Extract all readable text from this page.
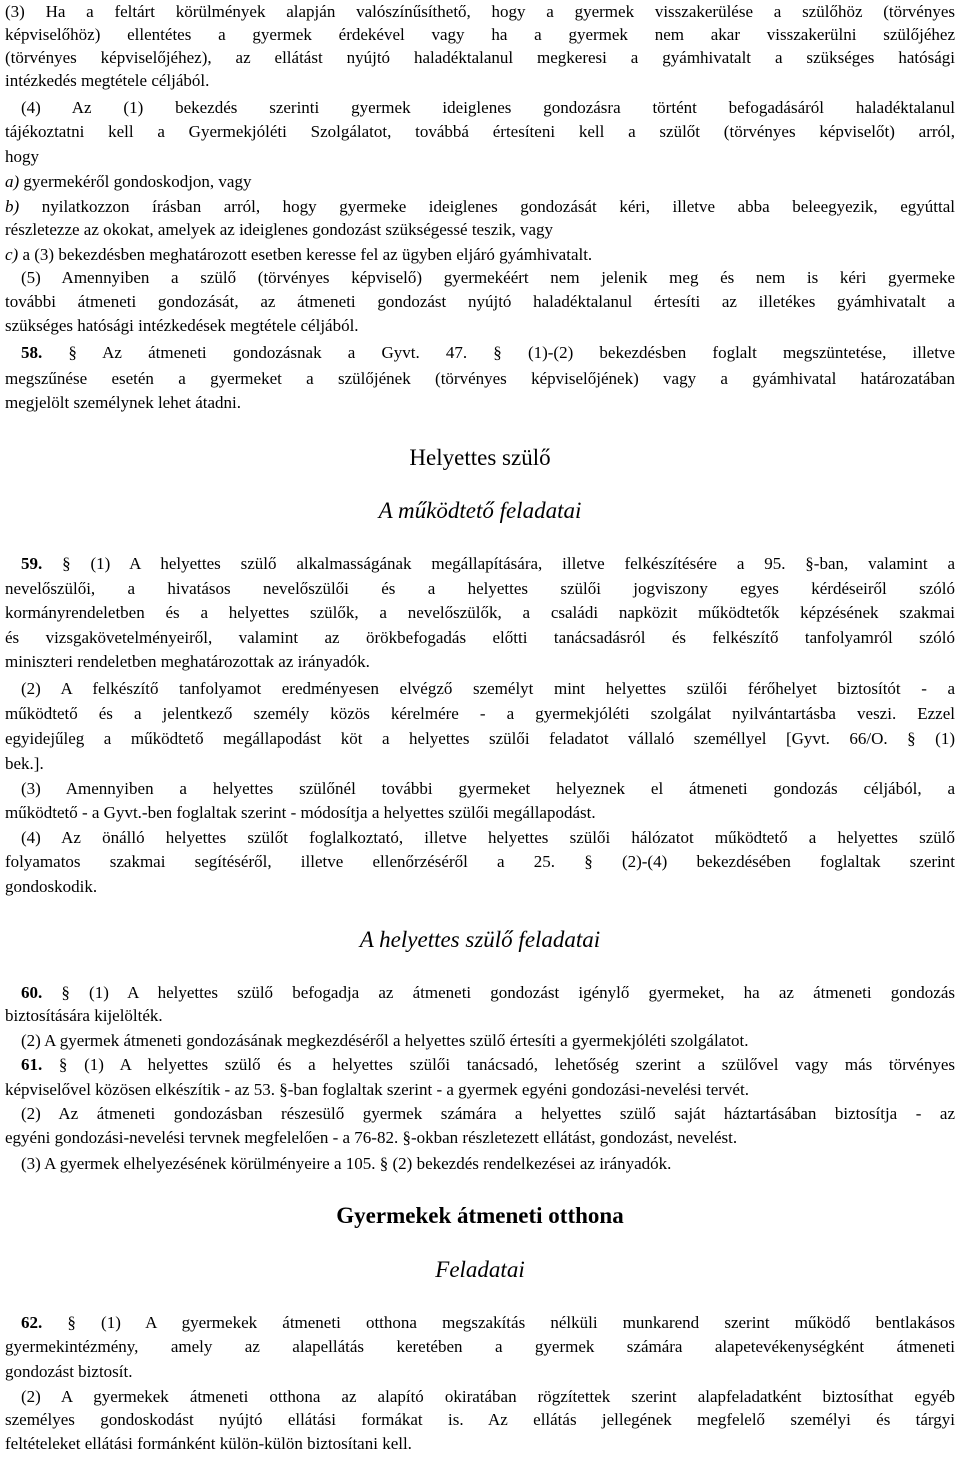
(3) Ha a feltárt körülmények alapján valószínűsíthető, hogy a gyermek visszakerülése a szülőhöz (törvényes
képviselőhöz) ellentétes a gyermek érdekével vagy ha a gyermek nem akar visszakerülni szülőjéhez
(törvényes képviselőjéhez), az ellátást nyújtó haladéktalanul megkeresi a gyámhivatalt a szükséges hatósági
intézkedés megtétele céljából.
(4) Az (1) bekezdés szerinti gyermek ideiglenes gondozásra történt befogadásáról haladéktalanul
tájékoztatni kell a Gyermekjóléti Szolgálatot, továbbá értesíteni kell a szülőt (törvényes képviselőt) arról,
hogy
a) gyermekéről gondoskodjon, vagy
b) nyilatkozzon írásban arról, hogy gyermeke ideiglenes gondozását kéri, illetve abba beleegyezik, egyúttal
részletezze az okokat, amelyek az ideiglenes gondozást szükségessé teszik, vagy
c) a (3) bekezdésben meghatározott esetben keresse fel az ügyben eljáró gyámhivatalt.
(5) Amennyiben a szülő (törvényes képviselő) gyermekéért nem jelenik meg és nem is kéri gyermeke
további átmeneti gondozását, az átmeneti gondozást nyújtó haladéktalanul értesíti az illetékes gyámhivatalt a
szükséges hatósági intézkedések megtétele céljából.
58. § Az átmeneti gondozásnak a Gyvt. 47. § (1)-(2) bekezdésben foglalt megszüntetése, illetve
megszűnése esetén a gyermeket a szülőjének (törvényes képviselőjének) vagy a gyámhivatal határozatában
megjelölt személynek lehet átadni.
Helyettes szülő
A működtető feladatai
59. § (1) A helyettes szülő alkalmasságának megállapítására, illetve felkészítésére a 95. §-ban, valamint a
nevelőszülői, a hivatásos nevelőszülői és a helyettes szülői jogviszony egyes kérdéseiről szóló
kormányrendeletben és a helyettes szülők, a nevelőszülők, a családi napközit működtetők képzésének szakmai
és vizsgakövetelményeiről, valamint az örökbefogadás előtti tanácsadásról és felkészítő tanfolyamról szóló
miniszteri rendeletben meghatározottak az irányadók.
(2) A felkészítő tanfolyamot eredményesen elvégző személyt mint helyettes szülői férőhelyet biztosítót - a
működtető és a jelentkező személy közös kérelmére - a gyermekjóléti szolgálat nyilvántartásba veszi. Ezzel
egyidejűleg a működtető megállapodást köt a helyettes szülői feladatot vállaló személlyel [Gyvt. 66/O. § (1)
bek.].
(3) Amennyiben a helyettes szülőnél további gyermeket helyeznek el átmeneti gondozás céljából, a
működtető - a Gyvt.-ben foglaltak szerint - módosítja a helyettes szülői megállapodást.
(4) Az önálló helyettes szülőt foglalkoztató, illetve helyettes szülői hálózatot működtető a helyettes szülő
folyamatos szakmai segítéséről, illetve ellenőrzéséről a 25. § (2)-(4) bekezdésében foglaltak szerint
gondoskodik.
A helyettes szülő feladatai
60. § (1) A helyettes szülő befogadja az átmeneti gondozást igénylő gyermeket, ha az átmeneti gondozás
biztosítására kijelölték.
(2) A gyermek átmeneti gondozásának megkezdéséről a helyettes szülő értesíti a gyermekjóléti szolgálatot.
61. § (1) A helyettes szülő és a helyettes szülői tanácsadó, lehetőség szerint a szülővel vagy más törvényes
képviselővel közösen elkészítik - az 53. §-ban foglaltak szerint - a gyermek egyéni gondozási-nevelési tervét.
(2) Az átmeneti gondozásban részesülő gyermek számára a helyettes szülő saját háztartásában biztosítja - az
egyéni gondozási-nevelési tervnek megfelelően - a 76-82. §-okban részletezett ellátást, gondozást, nevelést.
(3) A gyermek elhelyezésének körülményeire a 105. § (2) bekezdés rendelkezései az irányadók.
Gyermekek átmeneti otthona
Feladatai
62. § (1) A gyermekek átmeneti otthona megszakítás nélküli munkarend szerint működő bentlakásos
gyermekintézmény, amely az alapellátás keretében a gyermek számára alapetevékenységként átmeneti
gondozást biztosít.
(2) A gyermekek átmeneti otthona az alapító okiratában rögzítettek szerint alapfeladatként biztosíthat egyéb
személyes gondoskodást nyújtó ellátási formákat is. Az ellátás jellegének megfelelő személyi és tárgyi
feltételeket ellátási formánként külön-külön biztosítani kell.
